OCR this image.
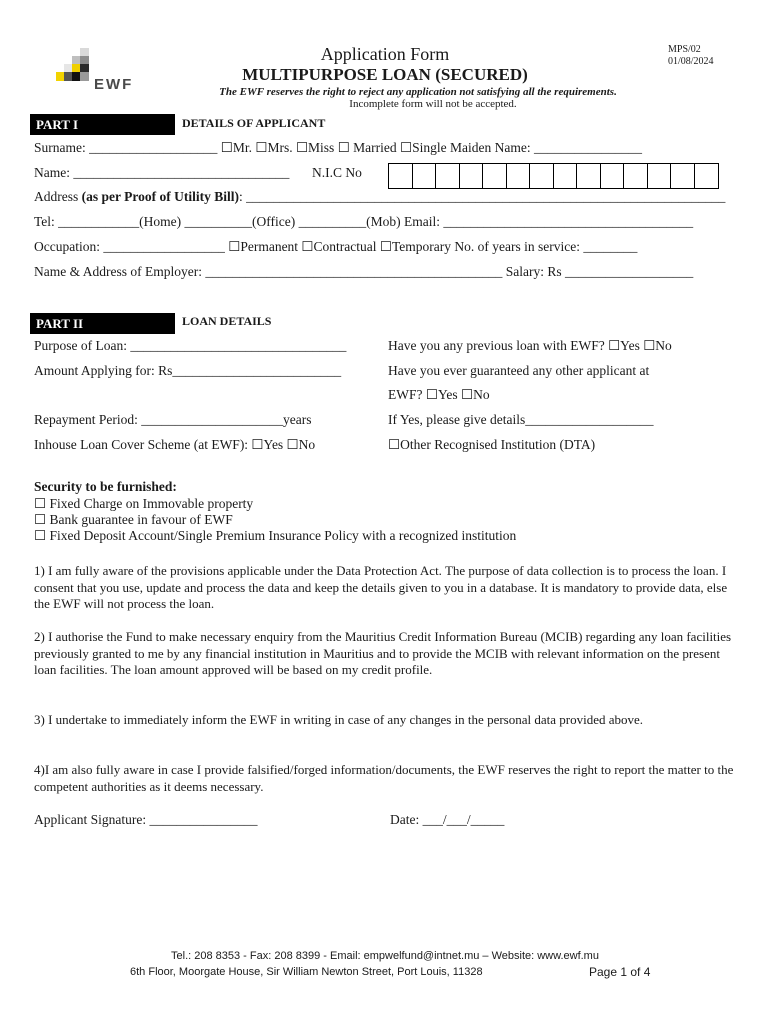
EWF
Application Form
MULTIPURPOSE LOAN (SECURED)
The EWF reserves the right to reject any application not satisfying all the requirements.
Incomplete form will not be accepted.
MPS/02
01/08/2024
PART I	DETAILS OF APPLICANT
Surname: ___________________ ☐Mr. ☐Mrs. ☐Miss ☐ Married ☐Single Maiden Name: ________________
Name: ________________________________ N.I.C No
Address (as per Proof of Utility Bill): _______________________________________________________________________
Tel: ____________(Home) __________(Office) __________(Mob) Email: _____________________________________
Occupation: __________________ ☐Permanent ☐Contractual ☐Temporary No. of years in service: ________
Name & Address of Employer: ____________________________________________ Salary: Rs ___________________
PART II	LOAN DETAILS
Purpose of Loan: ________________________________
Amount Applying for: Rs_________________________
Repayment Period: _____________________years
Inhouse Loan Cover Scheme (at EWF): ☐Yes ☐No
Have you any previous loan with EWF? ☐Yes ☐No
Have you ever guaranteed any other applicant at
EWF? ☐Yes ☐No
If Yes, please give details___________________
☐Other Recognised Institution (DTA)
Security to be furnished:
☐ Fixed Charge on Immovable property
☐ Bank guarantee in favour of EWF
☐ Fixed Deposit Account/Single Premium Insurance Policy with a recognized institution
1) I am fully aware of the provisions applicable under the Data Protection Act. The purpose of data collection is to process the loan. I consent that you use, update and process the data and keep the details given to you in a database. It is mandatory to provide data, else the EWF will not process the loan.
2) I authorise the Fund to make necessary enquiry from the Mauritius Credit Information Bureau (MCIB) regarding any loan facilities previously granted to me by any financial institution in Mauritius and to provide the MCIB with relevant information on the present loan facilities. The loan amount approved will be based on my credit profile.
3) I undertake to immediately inform the EWF in writing in case of any changes in the personal data provided above.
4)I am also fully aware in case I provide falsified/forged information/documents, the EWF reserves the right to report the matter to the competent authorities as it deems necessary.
Applicant Signature: ________________	Date: ___/___/_____
Tel.: 208 8353 - Fax: 208 8399 - Email: empwelfund@intnet.mu – Website: www.ewf.mu
6th Floor, Moorgate House, Sir William Newton Street, Port Louis, 11328	Page 1 of 4
